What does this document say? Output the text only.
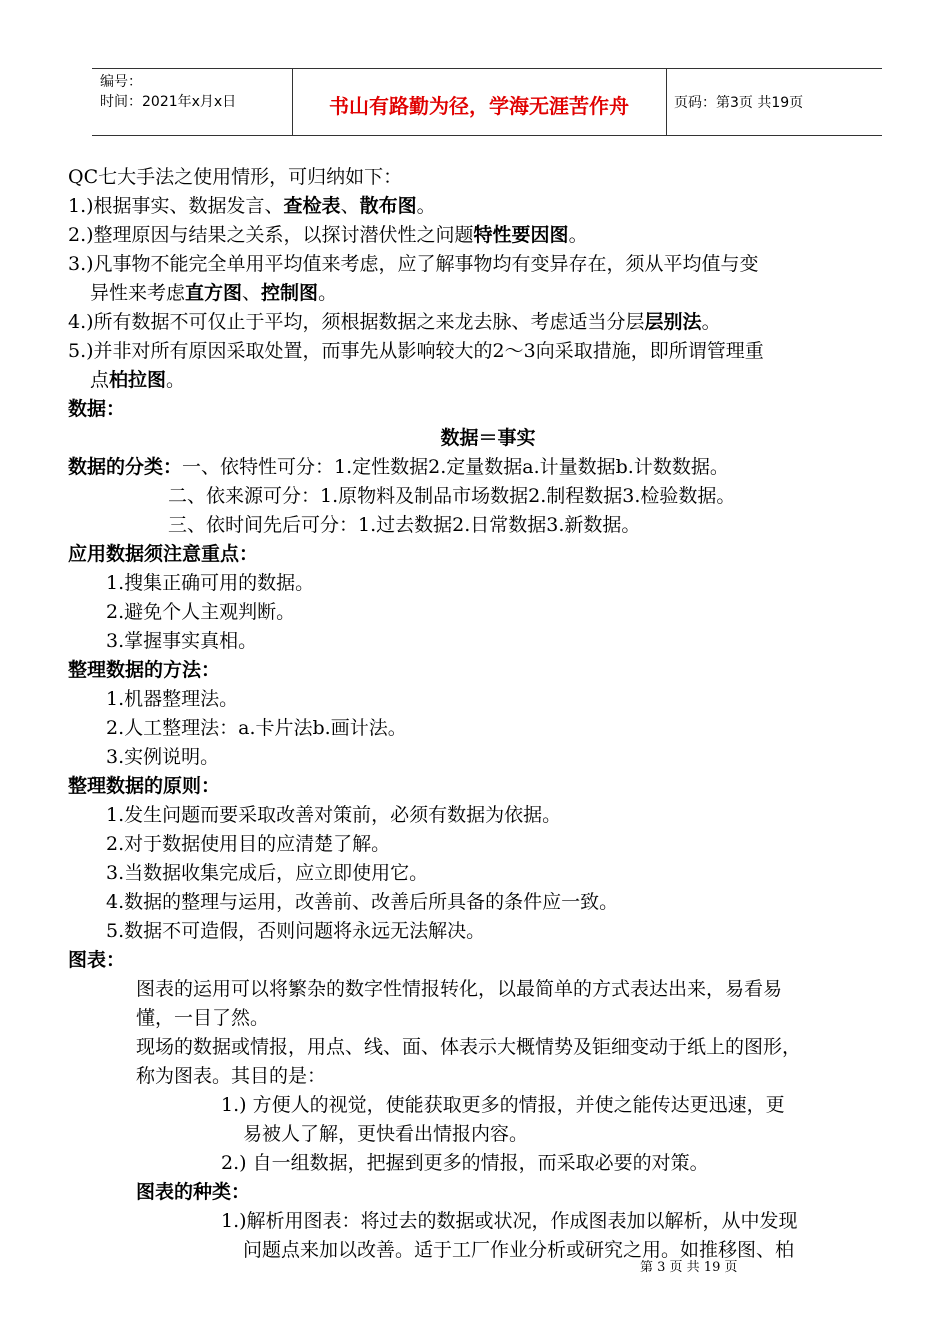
编号：
时间：2021年x月x日	书山有路勤为径，学海无涯苦作舟	页码：第3页 共19页
QC七大手法之使用情形，可归纳如下：
1.)根据事实、数据发言、查检表、散布图。
2.)整理原因与结果之关系，以探讨潜伏性之问题特性要因图。
3.)凡事物不能完全单用平均值来考虑，应了解事物均有变异存在，须从平均值与变
异性来考虑直方图、控制图。
4.)所有数据不可仅止于平均，须根据数据之来龙去脉、考虑适当分层层别法。
5.)并非对所有原因采取处置，而事先从影响较大的2～3向采取措施，即所谓管理重
点柏拉图。
数据：
数据＝事实
数据的分类：一、依特性可分：1.定性数据2.定量数据a.计量数据b.计数数据。
二、依来源可分：1.原物料及制品市场数据2.制程数据3.检验数据。
三、依时间先后可分：1.过去数据2.日常数据3.新数据。
应用数据须注意重点：
1.搜集正确可用的数据。
2.避免个人主观判断。
3.掌握事实真相。
整理数据的方法：
1.机器整理法。
2.人工整理法：a.卡片法b.画计法。
3.实例说明。
整理数据的原则：
1.发生问题而要采取改善对策前，必须有数据为依据。
2.对于数据使用目的应清楚了解。
3.当数据收集完成后，应立即使用它。
4.数据的整理与运用，改善前、改善后所具备的条件应一致。
5.数据不可造假，否则问题将永远无法解决。
图表：
图表的运用可以将繁杂的数字性情报转化，以最简单的方式表达出来，易看易
懂，一目了然。
现场的数据或情报，用点、线、面、体表示大概情势及钜细变动于纸上的图形，
称为图表。其目的是：
1.) 方便人的视觉，使能获取更多的情报，并使之能传达更迅速，更
易被人了解，更快看出情报内容。
2.) 自一组数据，把握到更多的情报，而采取必要的对策。
图表的种类：
1.)解析用图表：将过去的数据或状况，作成图表加以解析，从中发现
问题点来加以改善。适于工厂作业分析或研究之用。如推移图、柏
第 3 页 共 19 页
